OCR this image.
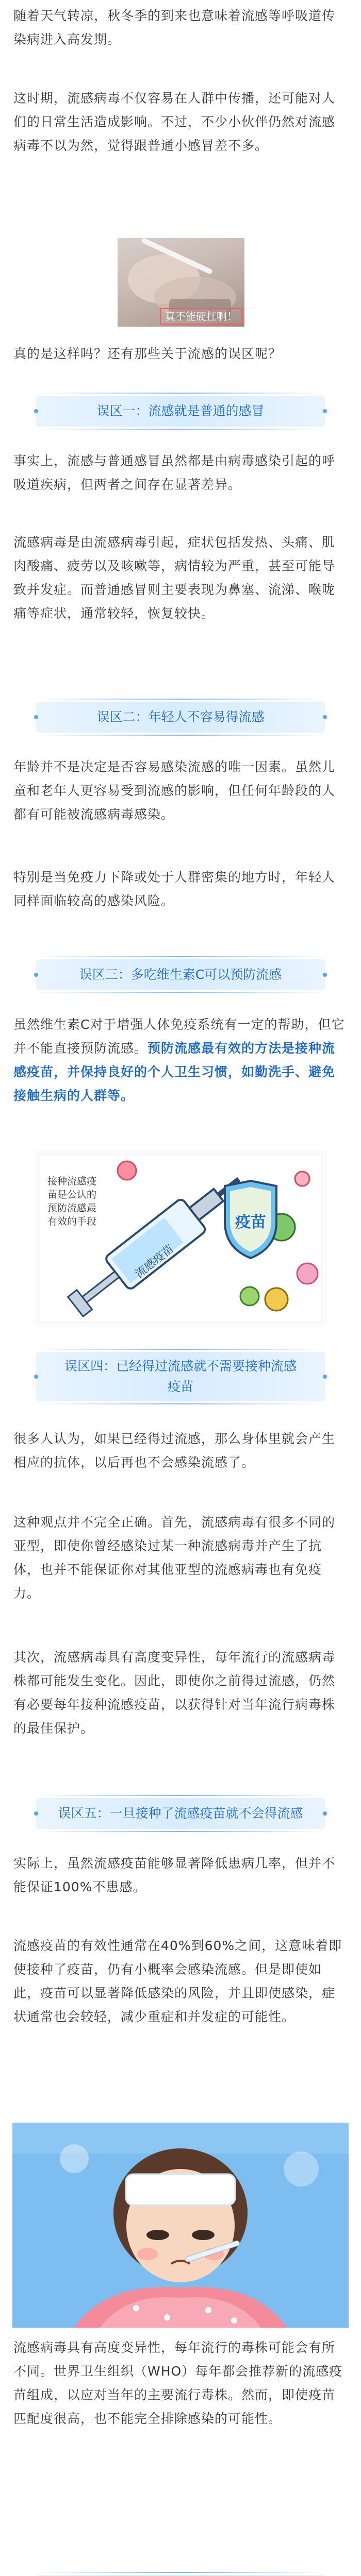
随着天气转凉，秋冬季的到来也意味着流感等呼吸道传染病进入高发期。

这时期，流感病毒不仅容易在人群中传播，还可能对人们的日常生活造成影响。不过，不少小伙伴仍然对流感病毒不以为然，觉得跟普通小感冒差不多。

真不能硬扛啊！

真的是这样吗？还有那些关于流感的误区呢？

误区一：流感就是普通的感冒

事实上，流感与普通感冒虽然都是由病毒感染引起的呼吸道疾病，但两者之间存在显著差异。

流感病毒是由流感病毒引起，症状包括发热、头痛、肌肉酸痛、疲劳以及咳嗽等，病情较为严重，甚至可能导致并发症。而普通感冒则主要表现为鼻塞、流涕、喉咙痛等症状，通常较轻，恢复较快。

误区二：年轻人不容易得流感

年龄并不是决定是否容易感染流感的唯一因素。虽然儿童和老年人更容易受到流感的影响，但任何年龄段的人都有可能被流感病毒感染。

特别是当免疫力下降或处于人群密集的地方时，年轻人同样面临较高的感染风险。

误区三：多吃维生素C可以预防流感

虽然维生素C对于增强人体免疫系统有一定的帮助，但它并不能直接预防流感。预防流感最有效的方法是接种流感疫苗，并保持良好的个人卫生习惯，如勤洗手、避免接触生病的人群等。

疫苗
流感疫苗
接种流感疫苗是公认的预防流感最有效的手段
误区四：已经得过流感就不需要接种流感
疫苗

很多人认为，如果已经得过流感，那么身体里就会产生相应的抗体，以后再也不会感染流感了。

这种观点并不完全正确。首先，流感病毒有很多不同的亚型，即使你曾经感染过某一种流感病毒并产生了抗体，也并不能保证你对其他亚型的流感病毒也有免疫力。

其次，流感病毒具有高度变异性，每年流行的流感病毒株都可能发生变化。因此，即使你之前得过流感，仍然有必要每年接种流感疫苗，以获得针对当年流行病毒株的最佳保护。

误区五：一旦接种了流感疫苗就不会得流感

实际上，虽然流感疫苗能够显著降低患病几率，但并不能保证100%不患感。

流感疫苗的有效性通常在40%到60%之间，这意味着即使接种了疫苗，仍有小概率会感染流感。但是即使如此，疫苗可以显著降低感染的风险，并且即使感染，症状通常也会较轻，减少重症和并发症的可能性。

流感病毒具有高度变异性，每年流行的毒株可能会有所不同。世界卫生组织（WHO）每年都会推荐新的流感疫苗组成，以应对当年的主要流行毒株。然而，即使疫苗匹配度很高，也不能完全排除感染的可能性。
